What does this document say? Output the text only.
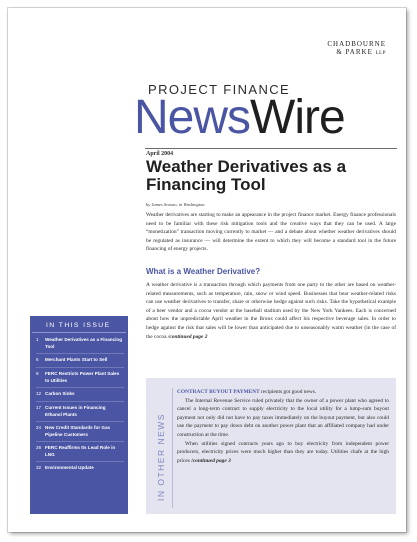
CHADBOURNE
& PARKE LLP
PROJECT FINANCE
NewsWire
April 2004
Weather Derivatives as a
Financing Tool
by James Sconzo, in Washington
Weather derivatives are starting to make an appearance in the project finance market. Energy finance professionals need to be familiar with these risk mitigation tools and the creative ways that they can be used. A large “monetization” transaction moving currently to market — and a debate about whether weather derivatives should be regulated as insurance — will determine the extent to which they will become a standard tool in the future financing of energy projects.
What is a Weather Derivative?
A weather derivative is a transaction through which payments from one party to the other are based on weather-related measurements, such as temperature, rain, snow or wind speed. Businesses that bear weather-related risks can use weather derivatives to transfer, share or otherwise hedge against such risks. Take the hypothetical example of a beer vendor and a cocoa vendor at the baseball stadium used by the New York Yankees. Each is concerned about how the unpredictable April weather in the Bronx could affect his respective beverage sales. In order to hedge against the risk that sales will be lower than anticipated due to unseasonably warm weather (in the case of the cocoa /continued page 2
IN THIS ISSUE
1 Weather Derivatives as a Financing Tool
6 Merchant Plants Start to Sell
9 FERC Restricts Power Plant Sales to Utilities
12 Carbon Sinks
17 Current Issues in Financing Ethanol Plants
24 New Credit Standards for Gas Pipeline Customers
28 FERC Reaffirms Its Lead Role in LNG
32 Environmental Update	IN OTHER NEWS
CONTRACT BUYOUT PAYMENT recipients got good news.
The Internal Revenue Service ruled privately that the owner of a power plant who agreed to cancel a long-term contract to supply electricity to the local utility for a lump-sum buyout payment not only did not have to pay taxes immediately on the buyout payment, but also could use the payment to pay down debt on another power plant that an affiliated company had under construction at the time.
When utilities signed contracts years ago to buy electricity from independent power producers, electricity prices were much higher than they are today. Utilities chafe at the high prices /continued page 3
